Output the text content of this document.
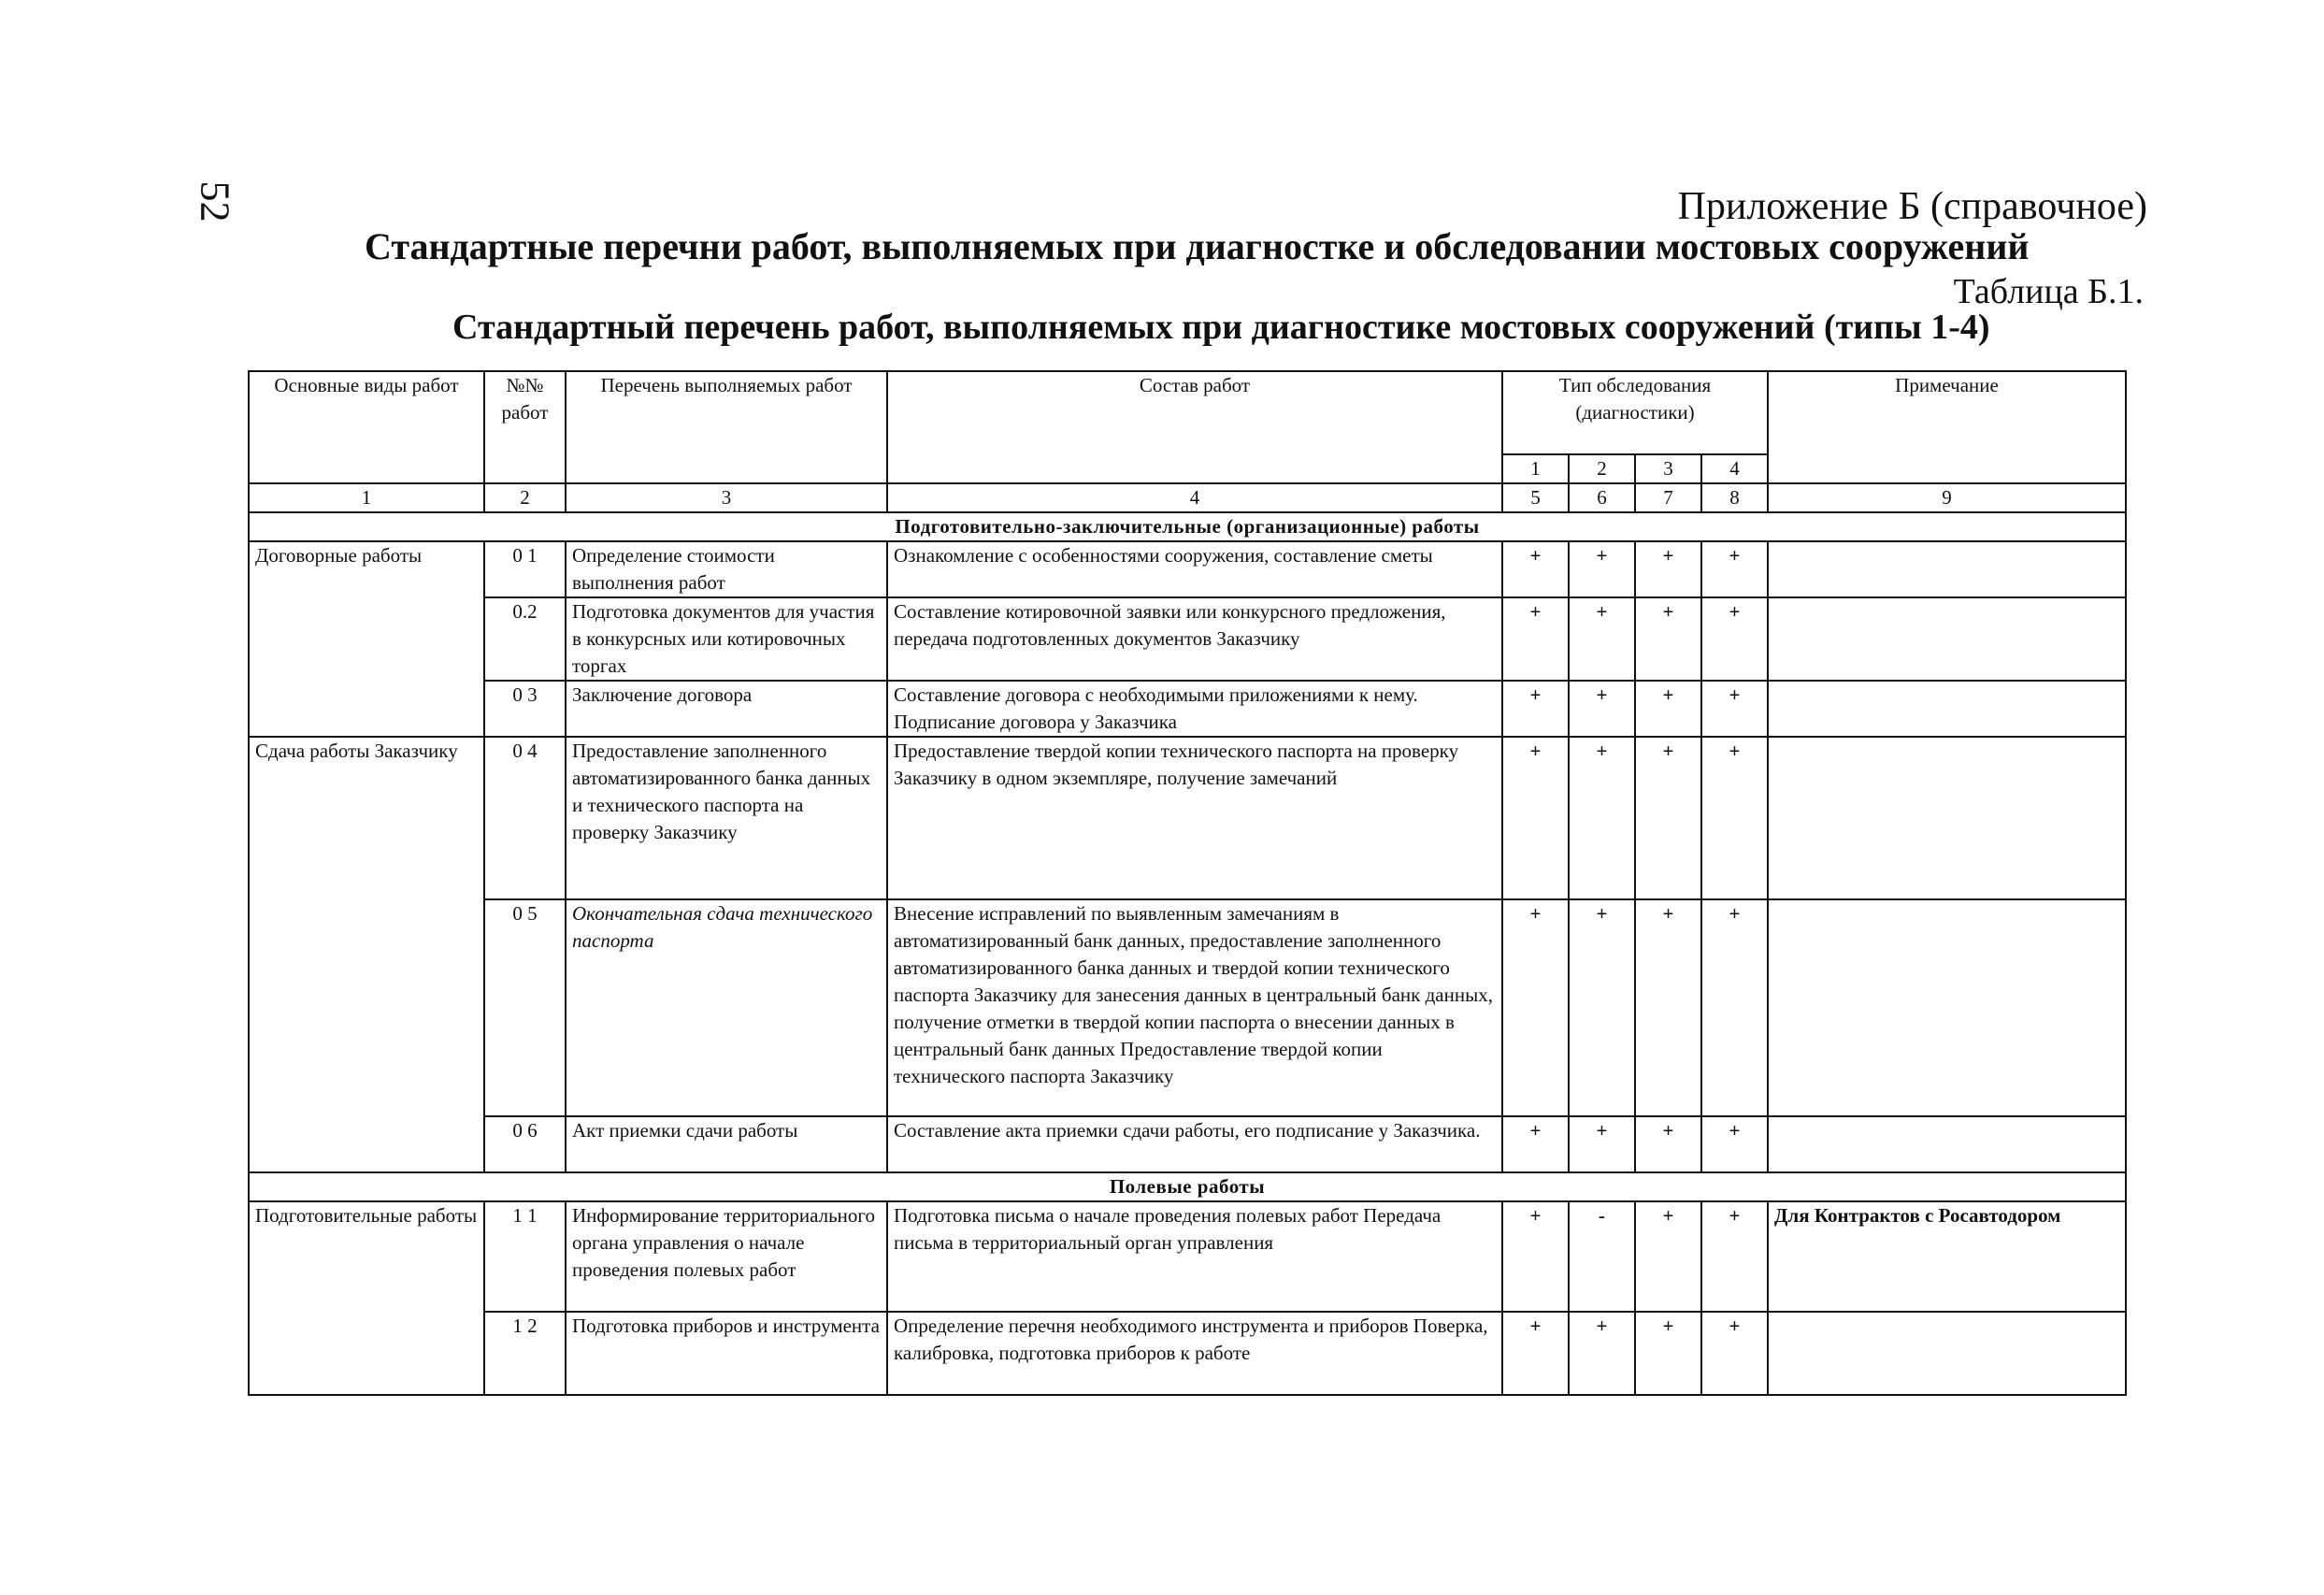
52	Приложение Б (справочное)
Стандартные перечни работ, выполняемых при диагностке и обследовании мостовых сооружений
Таблица Б.1.
Стандартный перечень работ, выполняемых при диагностике мостовых сооружений (типы 1-4)
Основные виды работ	№№ работ	Перечень выполняемых работ	Состав работ	Тип обследования (диагностики)				Примечание
				1	2	3	4	
1	2	3	4	5	6	7	8	9
Подготовительно-заключительные (организационные) работы								
Договорные работы	0 1	Определение стоимости выполнения работ	Ознакомление с особенностями сооружения, составление сметы	+	+	+	+	
	0.2	Подготовка документов для участия в конкурсных или котировочных торгах	Составление котировочной заявки или конкурсного предложения, передача подготовленных документов Заказчику	+	+	+	+	
	0 3	Заключение договора	Составление договора с необходимыми приложениями к нему. Подписание договора у Заказчика	+	+	+	+	
Сдача работы Заказчику	0 4	Предоставление заполненного автоматизированного банка данных и технического паспорта на проверку Заказчику	Предоставление твердой копии технического паспорта на проверку Заказчику в одном экземпляре, получение замечаний	+	+	+	+	
	0 5	Окончательная сдача технического паспорта	Внесение исправлений по выявленным замечаниям в автоматизированный банк данных, предоставление заполненного автоматизированного банка данных и твердой копии технического паспорта Заказчику для занесения данных в центральный банк данных, получение отметки в твердой копии паспорта о внесении данных в центральный банк данных Предоставление твердой копии технического паспорта Заказчику	+	+	+	+	
	0 6	Акт приемки сдачи работы	Составление акта приемки сдачи работы, его подписание у Заказчика.	+	+	+	+	
Полевые работы								
Подготовительные работы	1 1	Информирование территориального органа управления о начале проведения полевых работ	Подготовка письма о начале проведения полевых работ Передача письма в территориальный орган управления	+	-	+	+	Для Контрактов с Росавтодором
	1 2	Подготовка приборов и инструмента	Определение перечня необходимого инструмента и приборов Поверка, калибровка, подготовка приборов к работе	+	+	+	+	
